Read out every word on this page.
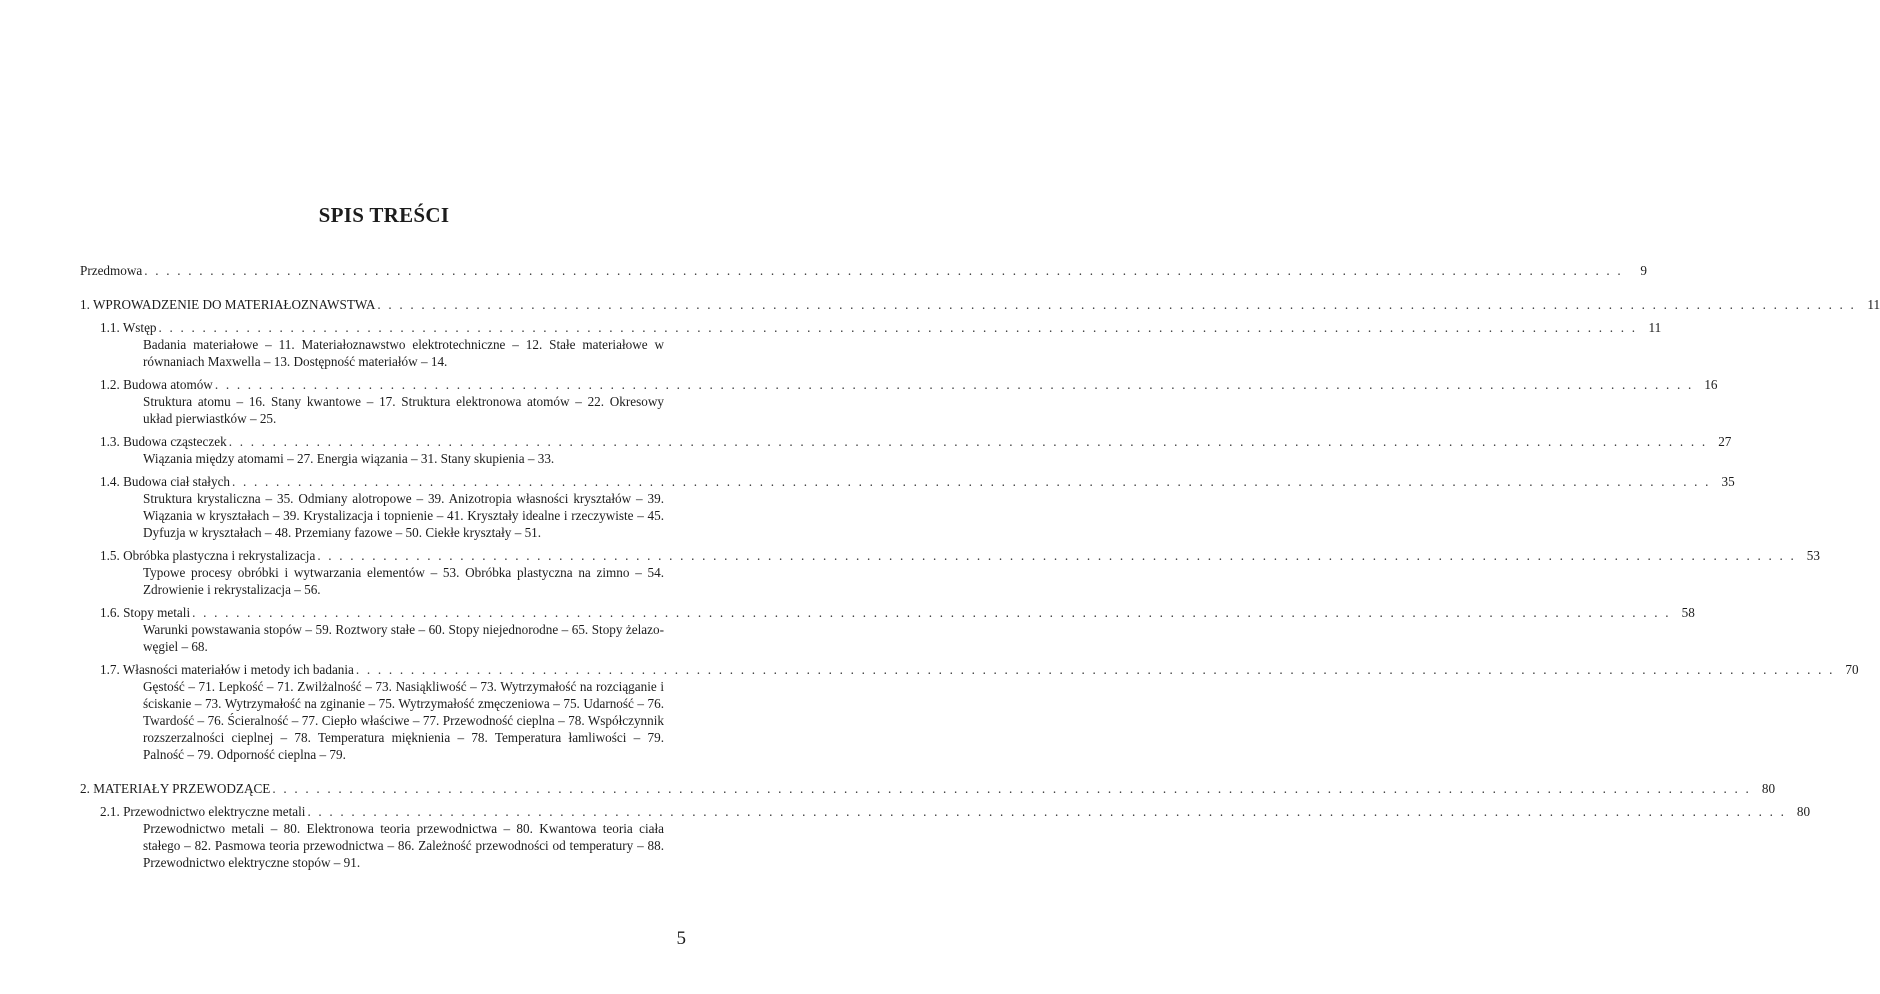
SPIS TREŚCI
Przedmowa . . . . . . . . . . . . . . . . . . . . . . . . . . . . . . . . . . . . . . . . . . . . . . . . . . . . . . . . . . . . . . . . . . . . . . . . . . . . . . . . . . . . . . . . . . . . . . . . . . . . . . . . . . . . . . . . . . . . . . . . . . . . . . . . . . . . . . .	9
1. WPROWADZENIE DO MATERIAŁOZNAWSTWA . . . . . . . . . . . . . . . . . . . . . . . . . . . . . . . . . . . . . . . . . . . . . . . . . . . . . . . . . . . . . . . . . . . . . . . . . . . . . . . . . . . . . . . . . . . . . . . . . . . . . . . . . . . . . . . . . . . . . . . . . . . . . . . . . . . . . . . 11
1.1. Wstęp . . . . . . . . . . . . . . . . . . . . . . . . . . . . . . . . . . . . . . . . . . . . . . . . . . . . . . . . . . . . . . . . . . . . . . . . . . . . . . . . . . . . . . . . . . . . . . . . . . . . . . . . . . . . . . . . . . . . . . . . . . . . . . . . . . . . . . . 11
Badania materiałowe – 11. Materiałoznawstwo elektrotechniczne – 12. Stałe materiałowe w równaniach Maxwella – 13. Dostępność materiałów – 14.
1.2. Budowa atomów . . . . . . . . . . . . . . . . . . . . . . . . . . . . . . . . . . . . . . . . . . . . . . . . . . . . . . . . . . . . . . . . . . . . . . . . . . . . . . . . . . . . . . . . . . . . . . . . . . . . . . . . . . . . . . . . . . . . . . . . . . . . . . . . . . . . . . . 16
Struktura atomu – 16. Stany kwantowe – 17. Struktura elektronowa atomów – 22. Okresowy układ pierwiastków – 25.
1.3. Budowa cząsteczek . . . . . . . . . . . . . . . . . . . . . . . . . . . . . . . . . . . . . . . . . . . . . . . . . . . . . . . . . . . . . . . . . . . . . . . . . . . . . . . . . . . . . . . . . . . . . . . . . . . . . . . . . . . . . . . . . . . . . . . . . . . . . . . . . . . . . . . 27
Wiązania między atomami – 27. Energia wiązania – 31. Stany skupienia – 33.
1.4. Budowa ciał stałych . . . . . . . . . . . . . . . . . . . . . . . . . . . . . . . . . . . . . . . . . . . . . . . . . . . . . . . . . . . . . . . . . . . . . . . . . . . . . . . . . . . . . . . . . . . . . . . . . . . . . . . . . . . . . . . . . . . . . . . . . . . . . . . . . . . . . . . 35
Struktura krystaliczna – 35. Odmiany alotropowe – 39. Anizotropia własności kryształów – 39. Wiązania w kryształach – 39. Krystalizacja i topnienie – 41. Kryształy idealne i rzeczywiste – 45. Dyfuzja w kryształach – 48. Przemiany fazowe – 50. Ciekłe kryształy – 51.
1.5. Obróbka plastyczna i rekrystalizacja . . . . . . . . . . . . . . . . . . . . . . . . . . . . . . . . . . . . . . . . . . . . . . . . . . . . . . . . . . . . . . . . . . . . . . . . . . . . . . . . . . . . . . . . . . . . . . . . . . . . . . . . . . . . . . . . . . . . . . . . . . . . . . . . . . . . . . . 53
Typowe procesy obróbki i wytwarzania elementów – 53. Obróbka plastyczna na zimno – 54. Zdrowienie i rekrystalizacja – 56.
1.6. Stopy metali . . . . . . . . . . . . . . . . . . . . . . . . . . . . . . . . . . . . . . . . . . . . . . . . . . . . . . . . . . . . . . . . . . . . . . . . . . . . . . . . . . . . . . . . . . . . . . . . . . . . . . . . . . . . . . . . . . . . . . . . . . . . . . . . . . . . . . . 58
Warunki powstawania stopów – 59. Roztwory stałe – 60. Stopy niejednorodne – 65. Stopy żelazo-węgiel – 68.
1.7. Własności materiałów i metody ich badania . . . . . . . . . . . . . . . . . . . . . . . . . . . . . . . . . . . . . . . . . . . . . . . . . . . . . . . . . . . . . . . . . . . . . . . . . . . . . . . . . . . . . . . . . . . . . . . . . . . . . . . . . . . . . . . . . . . . . . . . . . . . . . . . . . . . . . . 70
Gęstość – 71. Lepkość – 71. Zwilżalność – 73. Nasiąkliwość – 73. Wytrzymałość na rozciąganie i ściskanie – 73. Wytrzymałość na zginanie – 75. Wytrzymałość zmęczeniowa – 75. Udarność – 76. Twardość – 76. Ścieralność – 77. Ciepło właściwe – 77. Przewodność cieplna – 78. Współczynnik rozszerzalności cieplnej – 78. Temperatura mięknienia – 78. Temperatura łamliwości – 79. Palność – 79. Odporność cieplna – 79.
2. MATERIAŁY PRZEWODZĄCE . . . . . . . . . . . . . . . . . . . . . . . . . . . . . . . . . . . . . . . . . . . . . . . . . . . . . . . . . . . . . . . . . . . . . . . . . . . . . . . . . . . . . . . . . . . . . . . . . . . . . . . . . . . . . . . . . . . . . . . . . . . . . . . . . . . . . . . 80
2.1. Przewodnictwo elektryczne metali . . . . . . . . . . . . . . . . . . . . . . . . . . . . . . . . . . . . . . . . . . . . . . . . . . . . . . . . . . . . . . . . . . . . . . . . . . . . . . . . . . . . . . . . . . . . . . . . . . . . . . . . . . . . . . . . . . . . . . . . . . . . . . . . . . . . . . . 80
Przewodnictwo metali – 80. Elektronowa teoria przewodnictwa – 80. Kwantowa teoria ciała stałego – 82. Pasmowa teoria przewodnictwa – 86. Zależność przewodności od temperatury – 88. Przewodnictwo elektryczne stopów – 91.
5
